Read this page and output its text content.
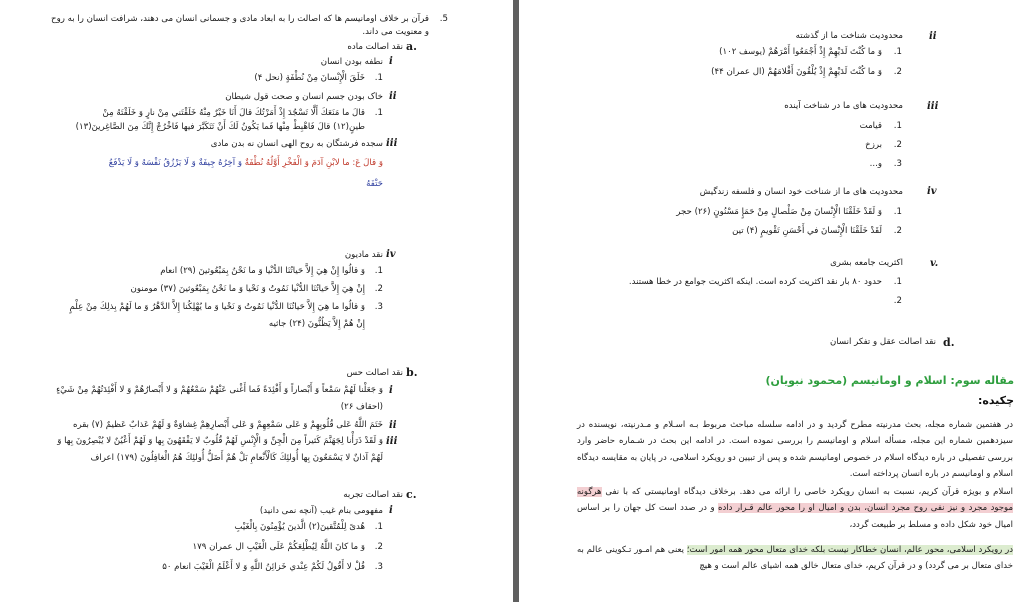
.5
قرآن بر خلاف اومانیسم ها که اصالت را به ابعاد مادی و جسمانی انسان می دهند، شرافت انسان را به روح
و معنویت می داند.
a.
نقد اصالت ماده
i
نطفه بودن انسان
.1
خَلَقَ الْإِنْسانَ مِنْ نُطْفَةٍ (نحل ۴)
ii
خاک بودن جسم انسان و صحت قول شیطان
.1
قالَ ما مَنَعَكَ أَلَّا تَسْجُدَ إِذْ أَمَرْتُكَ قالَ أَنَا خَيْرٌ مِنْهُ خَلَقْتَني مِنْ نارٍ وَ خَلَقْتَهُ مِنْ
طينٍ(۱۲) قالَ فَاهْبِطْ مِنْها فَما يَكُونُ لَكَ أَنْ تَتَكَبَّرَ فيها فَاخْرُجْ إِنَّكَ مِنَ الصَّاغِرينَ(۱۳)
iii
سجده فرشتگان به روح الهی انسان نه بدن مادی
وَ قالَ عَ: ما لابْنِ آدَمَ وَ الْفَخْرِ أَوَّلُهُ نُطْفَةٌ وَ آخِرُهُ جِيفَةٌ وَ لَا يَرْزُقُ نَفْسَهُ وَ لَا يَدْفَعُ
حَتْفَهُ
iv
نقد مادیون
.1
وَ قالُوا إِنْ هِيَ إِلاَّ حَياتُنَا الدُّنْيا وَ ما نَحْنُ بِمَبْعُوثينَ (۲۹) انعام
.2
إِنْ هِيَ إِلاَّ حَياتُنَا الدُّنْيا نَمُوتُ وَ نَحْيا وَ ما نَحْنُ بِمَبْعُوثينَ (۳۷) مومنون
.3
وَ قالُوا ما هِيَ إِلاَّ حَياتُنَا الدُّنْيا نَمُوتُ وَ نَحْيا وَ ما يُهْلِكُنا إِلاَّ الدَّهْرُ وَ ما لَهُمْ بِذلِكَ مِنْ عِلْمٍ
إِنْ هُمْ إِلاَّ يَظُنُّونَ (۲۴) جاثیه
b.
نقد اصالت حس
i
وَ جَعَلْنا لَهُمْ سَمْعاً وَ أَبْصاراً وَ أَفْئِدَةً فَما أَغْنى عَنْهُمْ سَمْعُهُمْ وَ لا أَبْصارُهُمْ وَ لا أَفْئِدَتُهُمْ مِنْ شَيْءٍ
(احقاف ۲۶)
ii
خَتَمَ اللَّهُ عَلى قُلُوبِهِمْ وَ عَلى سَمْعِهِمْ وَ عَلى أَبْصارِهِمْ غِشاوَةٌ وَ لَهُمْ عَذابٌ عَظيمٌ (۷) بقره
iii
وَ لَقَدْ ذَرَأْنا لِجَهَنَّمَ كَثيراً مِنَ الْجِنِّ وَ الْإِنْسِ لَهُمْ قُلُوبٌ لا يَفْقَهُونَ بِها وَ لَهُمْ أَعْيُنٌ لا يُبْصِرُونَ بِها وَ
لَهُمْ آذانٌ لا يَسْمَعُونَ بِها أُولئِكَ كَالْأَنْعامِ بَلْ هُمْ أَضَلُّ أُولئِكَ هُمُ الْغافِلُونَ (۱۷۹) اعراف
c.
نقد اصالت تجربه
i
مفهومی بنام غیب (آنچه نمی دانید)
.1
هُدىً لِلْمُتَّقينَ(۲) الَّذينَ يُؤْمِنُونَ بِالْغَيْبِ
.2
وَ ما كانَ اللَّهُ لِيُطْلِعَكُمْ عَلَى الْغَيْبِ ال عمران ۱۷۹
.3
قُلْ لا أَقُولُ لَكُمْ عِنْدي خَزائِنُ اللَّهِ وَ لا أَعْلَمُ الْغَيْبَ انعام ۵۰
ii
محدودیت شناخت ما از گذشته
.1
وَ ما كُنْتَ لَدَيْهِمْ إِذْ أَجْمَعُوا أَمْرَهُمْ (یوسف ۱۰۲)
.2
وَ ما كُنْتَ لَدَيْهِمْ إِذْ يُلْقُونَ أَقْلامَهُمْ (ال عمران ۴۴)
iii
محدودیت های ما در شناخت آینده
.1
قیامت
.2
برزخ
.3
و...
iv
محدودیت های ما از شناخت خود انسان و فلسفه زندگیش
.1
وَ لَقَدْ خَلَقْنَا الْإِنْسانَ مِنْ صَلْصالٍ مِنْ حَمَإٍ مَسْنُونٍ (۲۶) حجر
.2
لَقَدْ خَلَقْنَا الْإِنْسانَ في أَحْسَنِ تَقْويمٍ (۴) تین
v.
اکثریت جامعه بشری
.1
حدود ۸۰ بار نقد اکثریت کرده است. اینکه اکثریت جوامع در خطا هستند.
.2
d.
نقد اصالت عقل و تفکر انسان
مقاله سوم: اسلام و اومانیسم (محمود نبویان)
چکیده:
در هفتمین شماره مجله، بحث مدرنیته مطرح گردید و در ادامه سلسله مباحث مربوط بـه اسـلام و مـدرنیته، نویسنده در سیزدهمین شماره این مجله، مسأله اسلام و اومانیسم را بررسی نموده است. در ادامه این بحث در شـماره حاضر وارد بررسی تفصیلی در باره دیدگاه اسلام در خصوص اومانیسم شده و پس از تبیین دو رویکرد اسلامی، در پایان به مقایسه دیدگاه اسلام و اومانیسم در باره انسان پرداخته است.
اسلام و بویژه قرآن کریم، نسبت به انسان رویکرد خاصی را ارائه می دهد. برخلاف دیدگاه اومانیستی که با نفی هرگونه موجود مجرد و نیز نفی روح مجرد انسان، بدن و امیال او را محور عالم قـرار داده و در صدد است کل جهان را بر اساس امیال خود شکل داده و مسلط بر طبیعت گردد،
در رویکرد اسلامی، محور عالم، انسان خطاکار نیست بلکه خدای متعال محور همه امور است؛ یعنی هم امـور تـکوینی عالم به خدای متعال بر می گردد) و در قرآن کریم، خدای متعال خالق همه اشیای عالم است و هیچ
